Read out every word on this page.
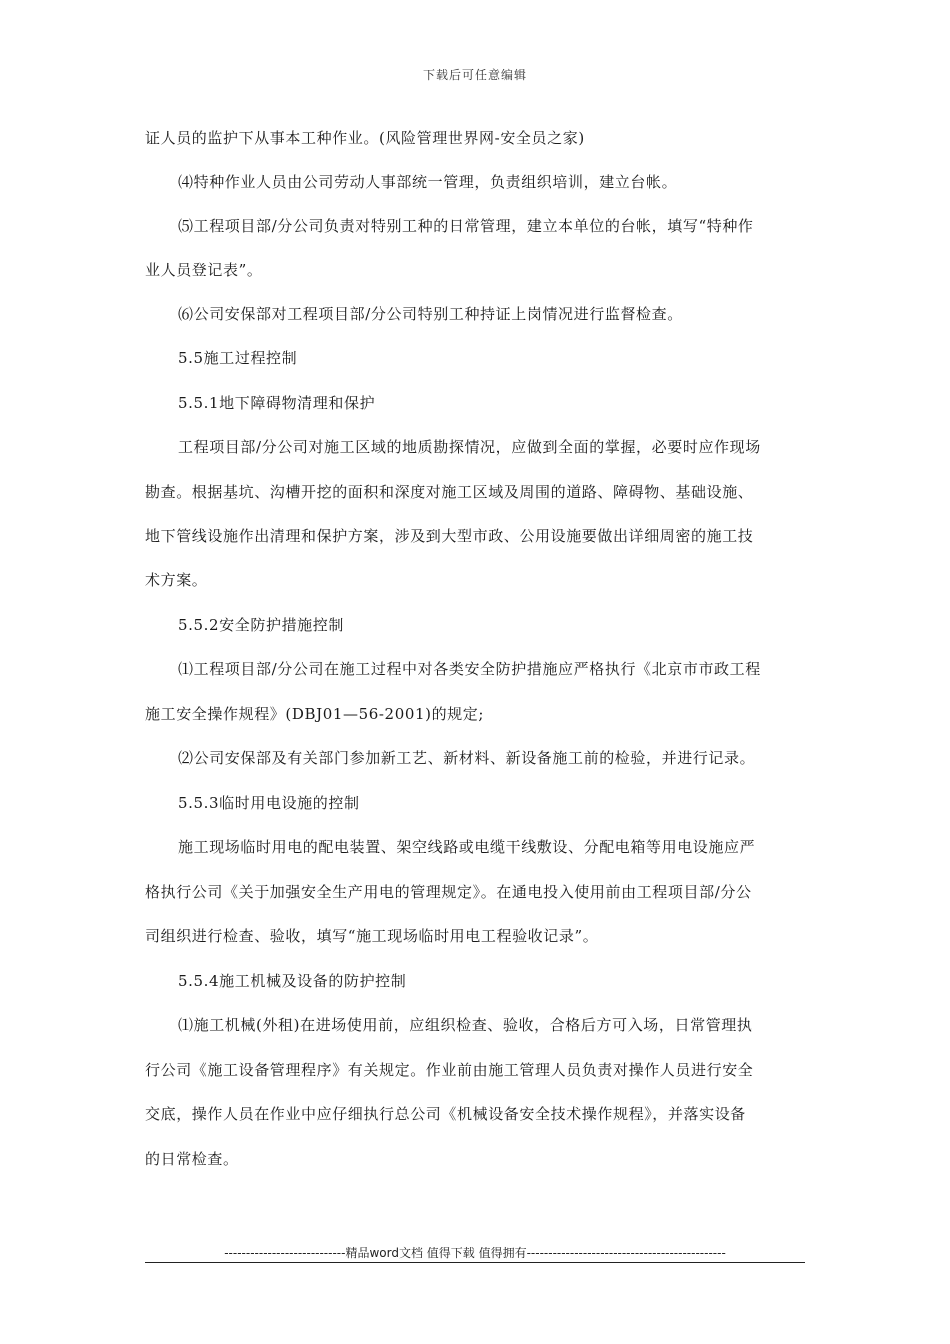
下载后可任意编辑
证人员的监护下从事本工种作业。(风险管理世界网-安全员之家)
⑷特种作业人员由公司劳动人事部统一管理，负责组织培训，建立台帐。
⑸工程项目部/分公司负责对特别工种的日常管理，建立本单位的台帐，填写“特种作
业人员登记表”。
⑹公司安保部对工程项目部/分公司特别工种持证上岗情况进行监督检查。
5.5施工过程控制
5.5.1地下障碍物清理和保护
工程项目部/分公司对施工区域的地质勘探情况，应做到全面的掌握，必要时应作现场
勘查。根据基坑、沟槽开挖的面积和深度对施工区域及周围的道路、障碍物、基础设施、
地下管线设施作出清理和保护方案，涉及到大型市政、公用设施要做出详细周密的施工技
术方案。
5.5.2安全防护措施控制
⑴工程项目部/分公司在施工过程中对各类安全防护措施应严格执行《北京市市政工程
施工安全操作规程》(DBJ01—56-2001)的规定;
⑵公司安保部及有关部门参加新工艺、新材料、新设备施工前的检验，并进行记录。
5.5.3临时用电设施的控制
施工现场临时用电的配电装置、架空线路或电缆干线敷设、分配电箱等用电设施应严
格执行公司《关于加强安全生产用电的管理规定》。在通电投入使用前由工程项目部/分公
司组织进行检查、验收，填写“施工现场临时用电工程验收记录”。
5.5.4施工机械及设备的防护控制
⑴施工机械(外租)在进场使用前，应组织检查、验收，合格后方可入场，日常管理执
行公司《施工设备管理程序》有关规定。作业前由施工管理人员负责对操作人员进行安全
交底，操作人员在作业中应仔细执行总公司《机械设备安全技术操作规程》，并落实设备
的日常检查。
----------------------------精品word文档 值得下载 值得拥有----------------------------------------------
